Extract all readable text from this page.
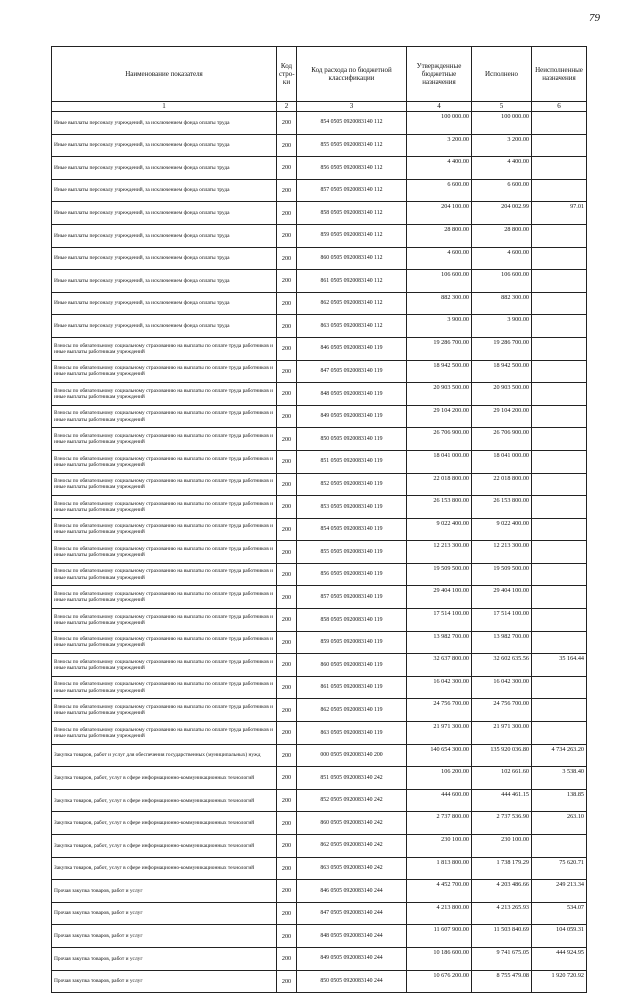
79
Наименование показателя	Код стро-ки	Код расхода по бюджетной классификации	Утвержденные бюджетные назначения	Исполнено	Неисполненные назначения
1	2	3	4	5	6
Иные выплаты персоналу учреждений, за исключением фонда оплаты труда	200	854 0505 0920083140 112	100 000.00	100 000.00	
Иные выплаты персоналу учреждений, за исключением фонда оплаты труда	200	855 0505 0920083140 112	3 200.00	3 200.00	
Иные выплаты персоналу учреждений, за исключением фонда оплаты труда	200	856 0505 0920083140 112	4 400.00	4 400.00	
Иные выплаты персоналу учреждений, за исключением фонда оплаты труда	200	857 0505 0920083140 112	6 600.00	6 600.00	
Иные выплаты персоналу учреждений, за исключением фонда оплаты труда	200	858 0505 0920083140 112	204 100.00	204 002.99	97.01
Иные выплаты персоналу учреждений, за исключением фонда оплаты труда	200	859 0505 0920083140 112	28 800.00	28 800.00	
Иные выплаты персоналу учреждений, за исключением фонда оплаты труда	200	860 0505 0920083140 112	4 600.00	4 600.00	
Иные выплаты персоналу учреждений, за исключением фонда оплаты труда	200	861 0505 0920083140 112	106 600.00	106 600.00	
Иные выплаты персоналу учреждений, за исключением фонда оплаты труда	200	862 0505 0920083140 112	882 300.00	882 300.00	
Иные выплаты персоналу учреждений, за исключением фонда оплаты труда	200	863 0505 0920083140 112	3 900.00	3 900.00	
Взносы по обязательному социальному страхованию на выплаты по оплате труда работников и иные выплаты работникам учреждений	200	846 0505 0920083140 119	19 286 700.00	19 286 700.00	
Взносы по обязательному социальному страхованию на выплаты по оплате труда работников и иные выплаты работникам учреждений	200	847 0505 0920083140 119	18 942 500.00	18 942 500.00	
Взносы по обязательному социальному страхованию на выплаты по оплате труда работников и иные выплаты работникам учреждений	200	848 0505 0920083140 119	20 903 500.00	20 903 500.00	
Взносы по обязательному социальному страхованию на выплаты по оплате труда работников и иные выплаты работникам учреждений	200	849 0505 0920083140 119	29 104 200.00	29 104 200.00	
Взносы по обязательному социальному страхованию на выплаты по оплате труда работников и иные выплаты работникам учреждений	200	850 0505 0920083140 119	26 706 900.00	26 706 900.00	
Взносы по обязательному социальному страхованию на выплаты по оплате труда работников и иные выплаты работникам учреждений	200	851 0505 0920083140 119	18 041 000.00	18 041 000.00	
Взносы по обязательному социальному страхованию на выплаты по оплате труда работников и иные выплаты работникам учреждений	200	852 0505 0920083140 119	22 018 800.00	22 018 800.00	
Взносы по обязательному социальному страхованию на выплаты по оплате труда работников и иные выплаты работникам учреждений	200	853 0505 0920083140 119	26 153 800.00	26 153 800.00	
Взносы по обязательному социальному страхованию на выплаты по оплате труда работников и иные выплаты работникам учреждений	200	854 0505 0920083140 119	9 022 400.00	9 022 400.00	
Взносы по обязательному социальному страхованию на выплаты по оплате труда работников и иные выплаты работникам учреждений	200	855 0505 0920083140 119	12 213 300.00	12 213 300.00	
Взносы по обязательному социальному страхованию на выплаты по оплате труда работников и иные выплаты работникам учреждений	200	856 0505 0920083140 119	19 509 500.00	19 509 500.00	
Взносы по обязательному социальному страхованию на выплаты по оплате труда работников и иные выплаты работникам учреждений	200	857 0505 0920083140 119	29 404 100.00	29 404 100.00	
Взносы по обязательному социальному страхованию на выплаты по оплате труда работников и иные выплаты работникам учреждений	200	858 0505 0920083140 119	17 514 100.00	17 514 100.00	
Взносы по обязательному социальному страхованию на выплаты по оплате труда работников и иные выплаты работникам учреждений	200	859 0505 0920083140 119	13 982 700.00	13 982 700.00	
Взносы по обязательному социальному страхованию на выплаты по оплате труда работников и иные выплаты работникам учреждений	200	860 0505 0920083140 119	32 637 800.00	32 602 635.56	35 164.44
Взносы по обязательному социальному страхованию на выплаты по оплате труда работников и иные выплаты работникам учреждений	200	861 0505 0920083140 119	16 042 300.00	16 042 300.00	
Взносы по обязательному социальному страхованию на выплаты по оплате труда работников и иные выплаты работникам учреждений	200	862 0505 0920083140 119	24 756 700.00	24 756 700.00	
Взносы по обязательному социальному страхованию на выплаты по оплате труда работников и иные выплаты работникам учреждений	200	863 0505 0920083140 119	21 971 300.00	21 971 300.00	
Закупка товаров, работ и услуг для обеспечения государственных (муниципальных) нужд	200	000 0505 0920083140 200	140 654 300.00	135 920 036.80	4 734 263.20
Закупка товаров, работ, услуг в сфере информационно-коммуникационных технологий	200	851 0505 0920083140 242	106 200.00	102 661.60	3 538.40
Закупка товаров, работ, услуг в сфере информационно-коммуникационных технологий	200	852 0505 0920083140 242	444 600.00	444 461.15	138.85
Закупка товаров, работ, услуг в сфере информационно-коммуникационных технологий	200	860 0505 0920083140 242	2 737 800.00	2 737 536.90	263.10
Закупка товаров, работ, услуг в сфере информационно-коммуникационных технологий	200	862 0505 0920083140 242	230 100.00	230 100.00	
Закупка товаров, работ, услуг в сфере информационно-коммуникационных технологий	200	863 0505 0920083140 242	1 813 800.00	1 738 179.29	75 620.71
Прочая закупка товаров, работ и услуг	200	846 0505 0920083140 244	4 452 700.00	4 203 486.66	249 213.34
Прочая закупка товаров, работ и услуг	200	847 0505 0920083140 244	4 213 800.00	4 213 265.93	534.07
Прочая закупка товаров, работ и услуг	200	848 0505 0920083140 244	11 607 900.00	11 503 840.69	104 059.31
Прочая закупка товаров, работ и услуг	200	849 0505 0920083140 244	10 186 600.00	9 741 675.05	444 924.95
Прочая закупка товаров, работ и услуг	200	850 0505 0920083140 244	10 676 200.00	8 755 479.08	1 920 720.92
